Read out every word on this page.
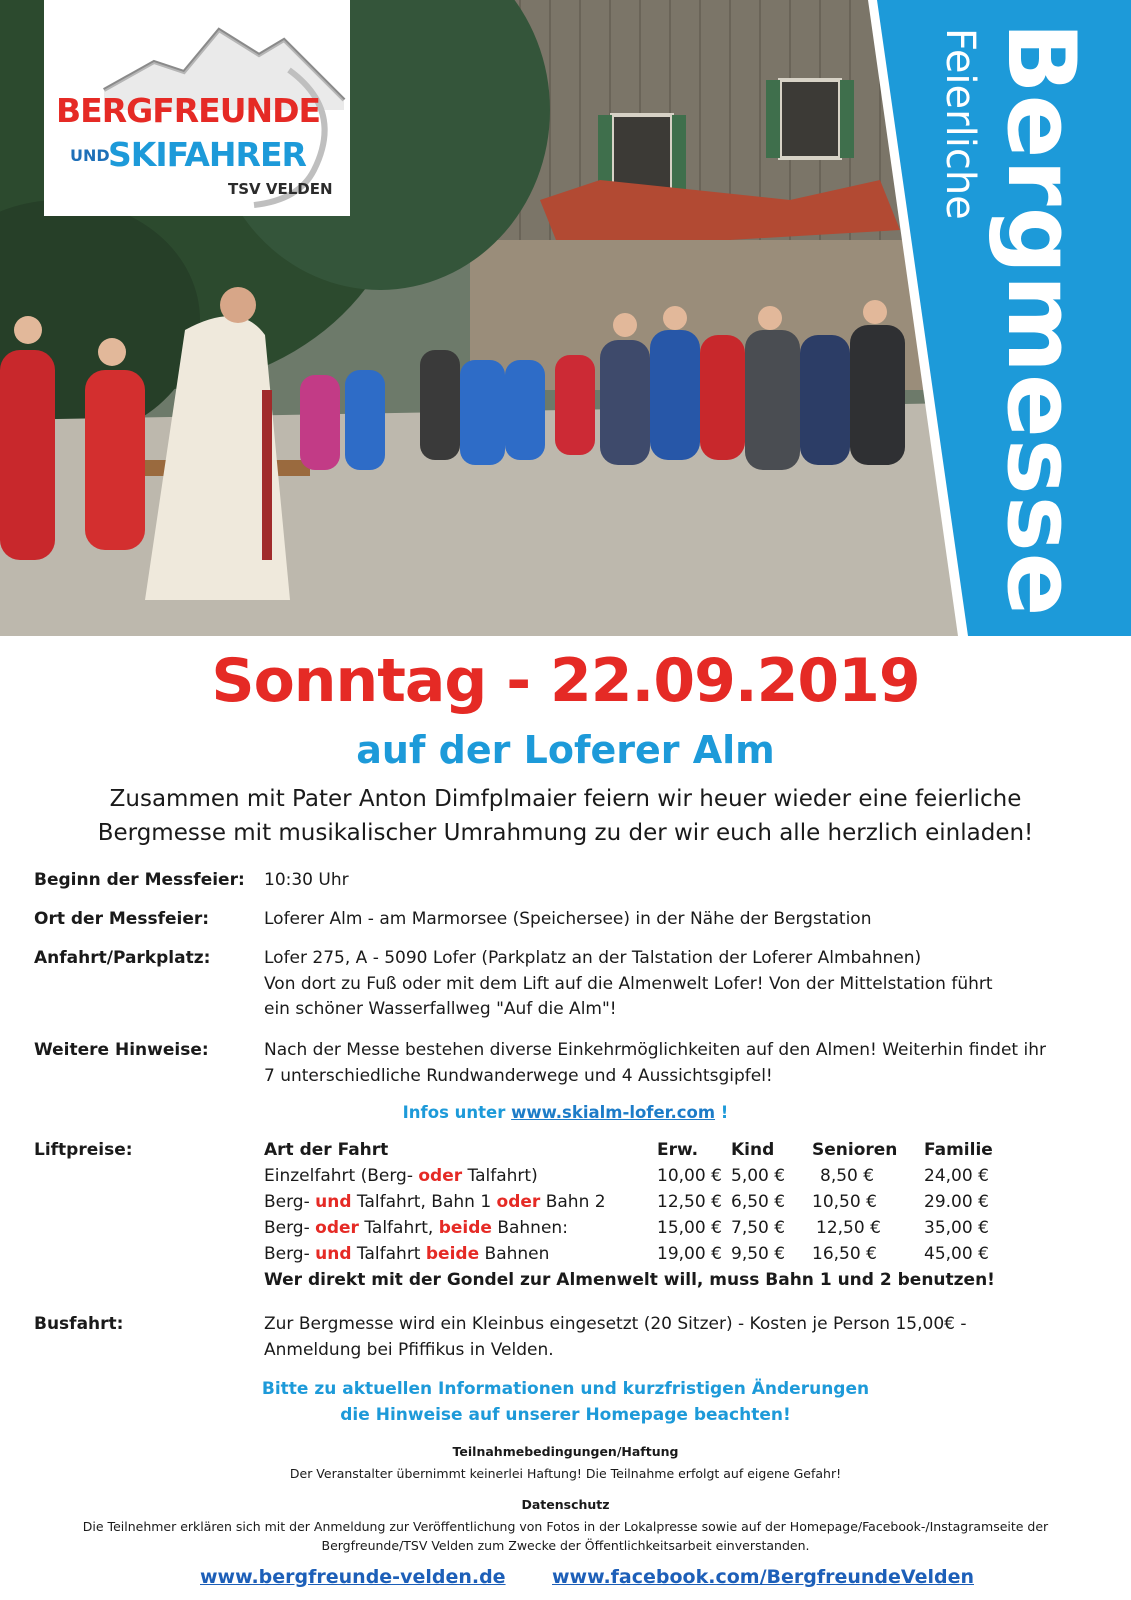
Bergmesse
Feierliche
BERGFREUNDE
UND
SKIFAHRER
TSV VELDEN
Sonntag - 22.09.2019
auf der Loferer Alm
Zusammen mit Pater Anton Dimfplmaier feiern wir heuer wieder eine feierliche
Bergmesse mit musikalischer Umrahmung zu der wir euch alle herzlich einladen!
Beginn der Messfeier: 10:30 Uhr
Ort der Messfeier:	Loferer Alm - am Marmorsee (Speichersee) in der Nähe der Bergstation
Anfahrt/Parkplatz:	Lofer 275, A - 5090 Lofer (Parkplatz an der Talstation der Loferer Almbahnen)
Von dort zu Fuß oder mit dem Lift auf die Almenwelt Lofer! Von der Mittelstation führt
ein schöner Wasserfallweg "Auf die Alm"!
Weitere Hinweise:	Nach der Messe bestehen diverse Einkehrmöglichkeiten auf den Almen! Weiterhin findet ihr
7 unterschiedliche Rundwanderwege und 4 Aussichtsgipfel!
Infos unter www.skialm-lofer.com !
Liftpreise:	Art der Fahrt	Erw. Kind Senioren Familie
Einzelfahrt (Berg- oder Talfahrt)	10,00 € 5,00 € 8,50 €	24,00 €
Berg- und Talfahrt, Bahn 1 oder Bahn 2	12,50 € 6,50 € 10,50 €	29.00 €
Berg- oder Talfahrt, beide Bahnen:	15,00 € 7,50 € 12,50 €	35,00 €
Berg- und Talfahrt beide Bahnen	19,00 € 9,50 € 16,50 €	45,00 €
Wer direkt mit der Gondel zur Almenwelt will, muss Bahn 1 und 2 benutzen!
Busfahrt:	Zur Bergmesse wird ein Kleinbus eingesetzt (20 Sitzer) - Kosten je Person 15,00€ -
Anmeldung bei Pfiffikus in Velden.
Bitte zu aktuellen Informationen und kurzfristigen Änderungen
die Hinweise auf unserer Homepage beachten!
Teilnahmebedingungen/Haftung
Der Veranstalter übernimmt keinerlei Haftung! Die Teilnahme erfolgt auf eigene Gefahr!
Datenschutz
Die Teilnehmer erklären sich mit der Anmeldung zur Veröffentlichung von Fotos in der Lokalpresse sowie auf der Homepage/Facebook-/Instagramseite der
Bergfreunde/TSV Velden zum Zwecke der Öffentlichkeitsarbeit einverstanden.
www.bergfreunde-velden.de www.facebook.com/BergfreundeVelden
